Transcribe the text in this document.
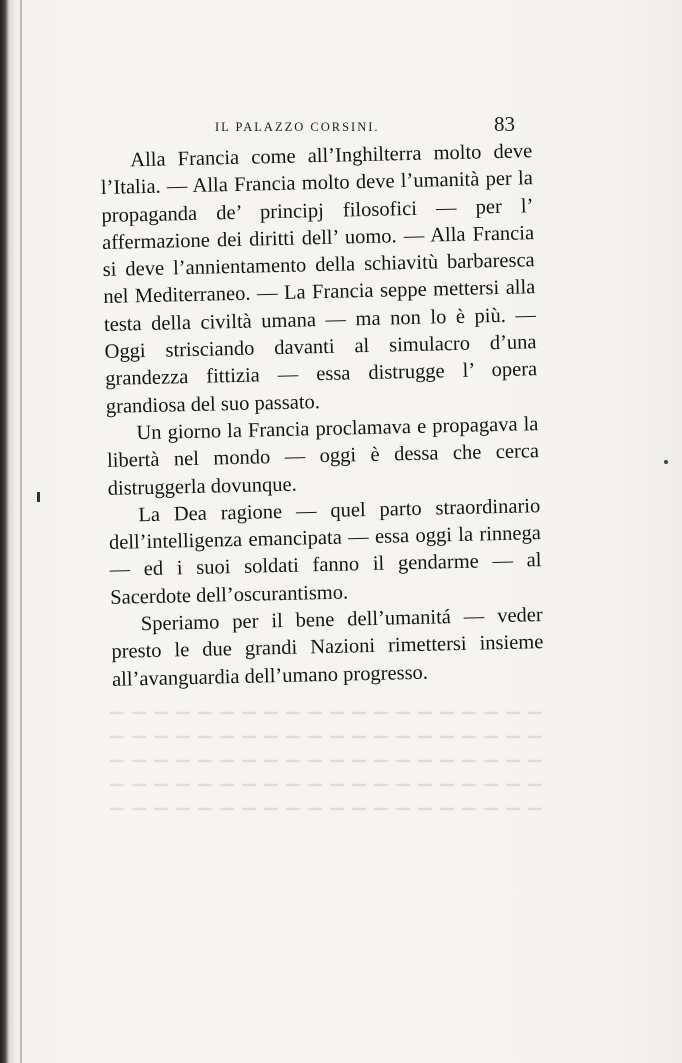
IL PALAZZO CORSINI.	83

Alla Francia come all’Inghilterra molto deve l’Italia. — Alla Francia molto deve l’umanità per la propaganda de’ principj filosofici — per l’ affermazione dei diritti dell’ uomo. — Alla Francia si deve l’annientamento della schiavitù barbaresca nel Mediterraneo. — La Francia seppe mettersi alla testa della civiltà umana — ma non lo è più. — Oggi strisciando davanti al simulacro d’una grandezza fittizia — essa distrugge l’ opera grandiosa del suo passato.

Un giorno la Francia proclamava e propagava la libertà nel mondo — oggi è dessa che cerca distruggerla dovunque.

La Dea ragione — quel parto straordinario dell’intelligenza emancipata — essa oggi la rinnega — ed i suoi soldati fanno il gendarme — al Sacerdote dell’oscurantismo.

Speriamo per il bene dell’umanitá — veder presto le due grandi Nazioni rimettersi insieme all’avanguardia dell’umano progresso.
